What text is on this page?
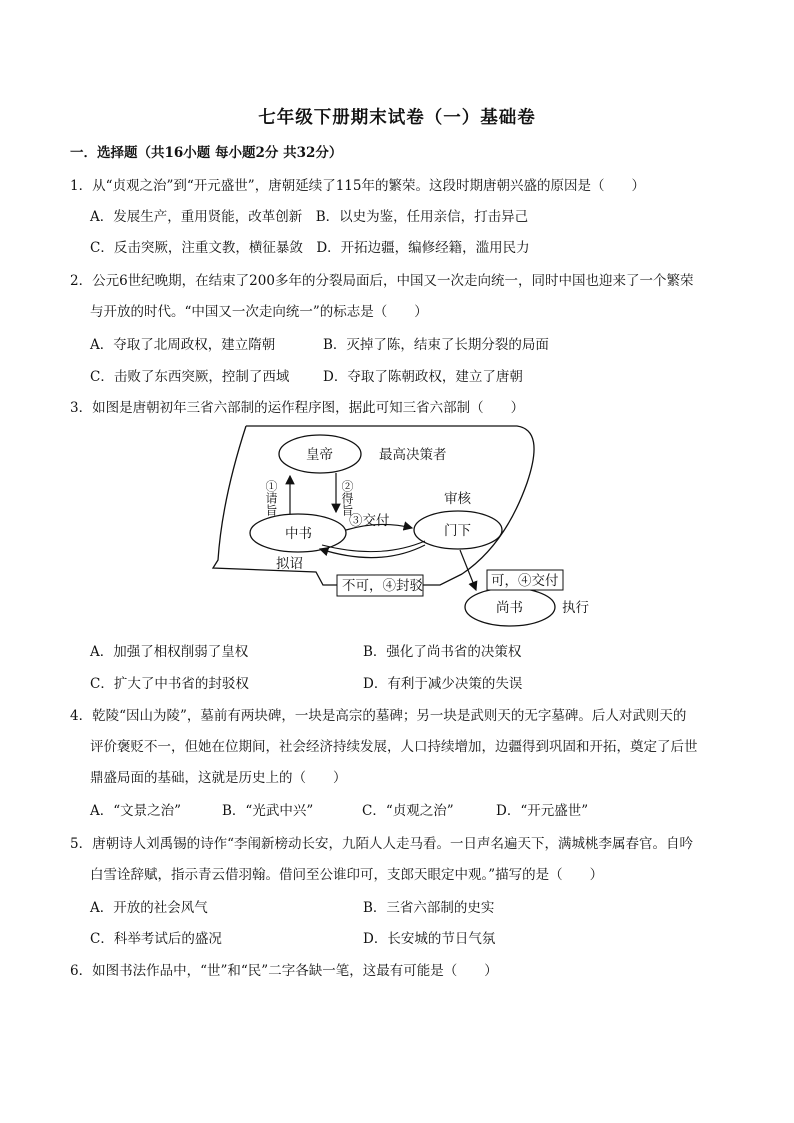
七年级下册期末试卷（一）基础卷
一．选择题（共16小题 每小题2分 共32分）
1．从“贞观之治”到“开元盛世”，唐朝延续了115年的繁荣。这段时期唐朝兴盛的原因是（　　）
A．发展生产，重用贤能，改革创新　B．以史为鉴，任用亲信，打击异己
C．反击突厥，注重文教，横征暴敛　D．开拓边疆，编修经籍，滥用民力
2．公元6世纪晚期，在结束了200多年的分裂局面后，中国又一次走向统一，同时中国也迎来了一个繁荣
与开放的时代。“中国又一次走向统一”的标志是（　　）
A．夺取了北周政权，建立隋朝	B．灭掉了陈，结束了长期分裂的局面
C．击败了东西突厥，控制了西域 D．夺取了陈朝政权，建立了唐朝
3．如图是唐朝初年三省六部制的运作程序图，据此可知三省六部制（　　）
皇帝	最高决策者
审核
中书
③交付
门下
拟诏
不可，④封驳	可，④交付
尚书	执行
①请旨	②得旨
A．加强了相权削弱了皇权	B．强化了尚书省的决策权
C．扩大了中书省的封驳权	D．有利于减少决策的失误
4．乾陵“因山为陵”，墓前有两块碑，一块是高宗的墓碑；另一块是武则天的无字墓碑。后人对武则天的
评价褒贬不一，但她在位期间，社会经济持续发展，人口持续增加，边疆得到巩固和开拓，奠定了后世
鼎盛局面的基础，这就是历史上的（　　）
A．“文景之治”	B．“光武中兴”	C．“贞观之治”	D．“开元盛世”
5．唐朝诗人刘禹锡的诗作“李闱新榜动长安，九陌人人走马看。一日声名遍天下，满城桃李属春官。自吟
白雪诠辞赋，指示青云借羽翰。借问至公谁印可，支郎天眼定中观。”描写的是（　　）
A．开放的社会风气	B．三省六部制的史实
C．科举考试后的盛况	D．长安城的节日气氛
6．如图书法作品中，“世”和“民”二字各缺一笔，这最有可能是（　　）
